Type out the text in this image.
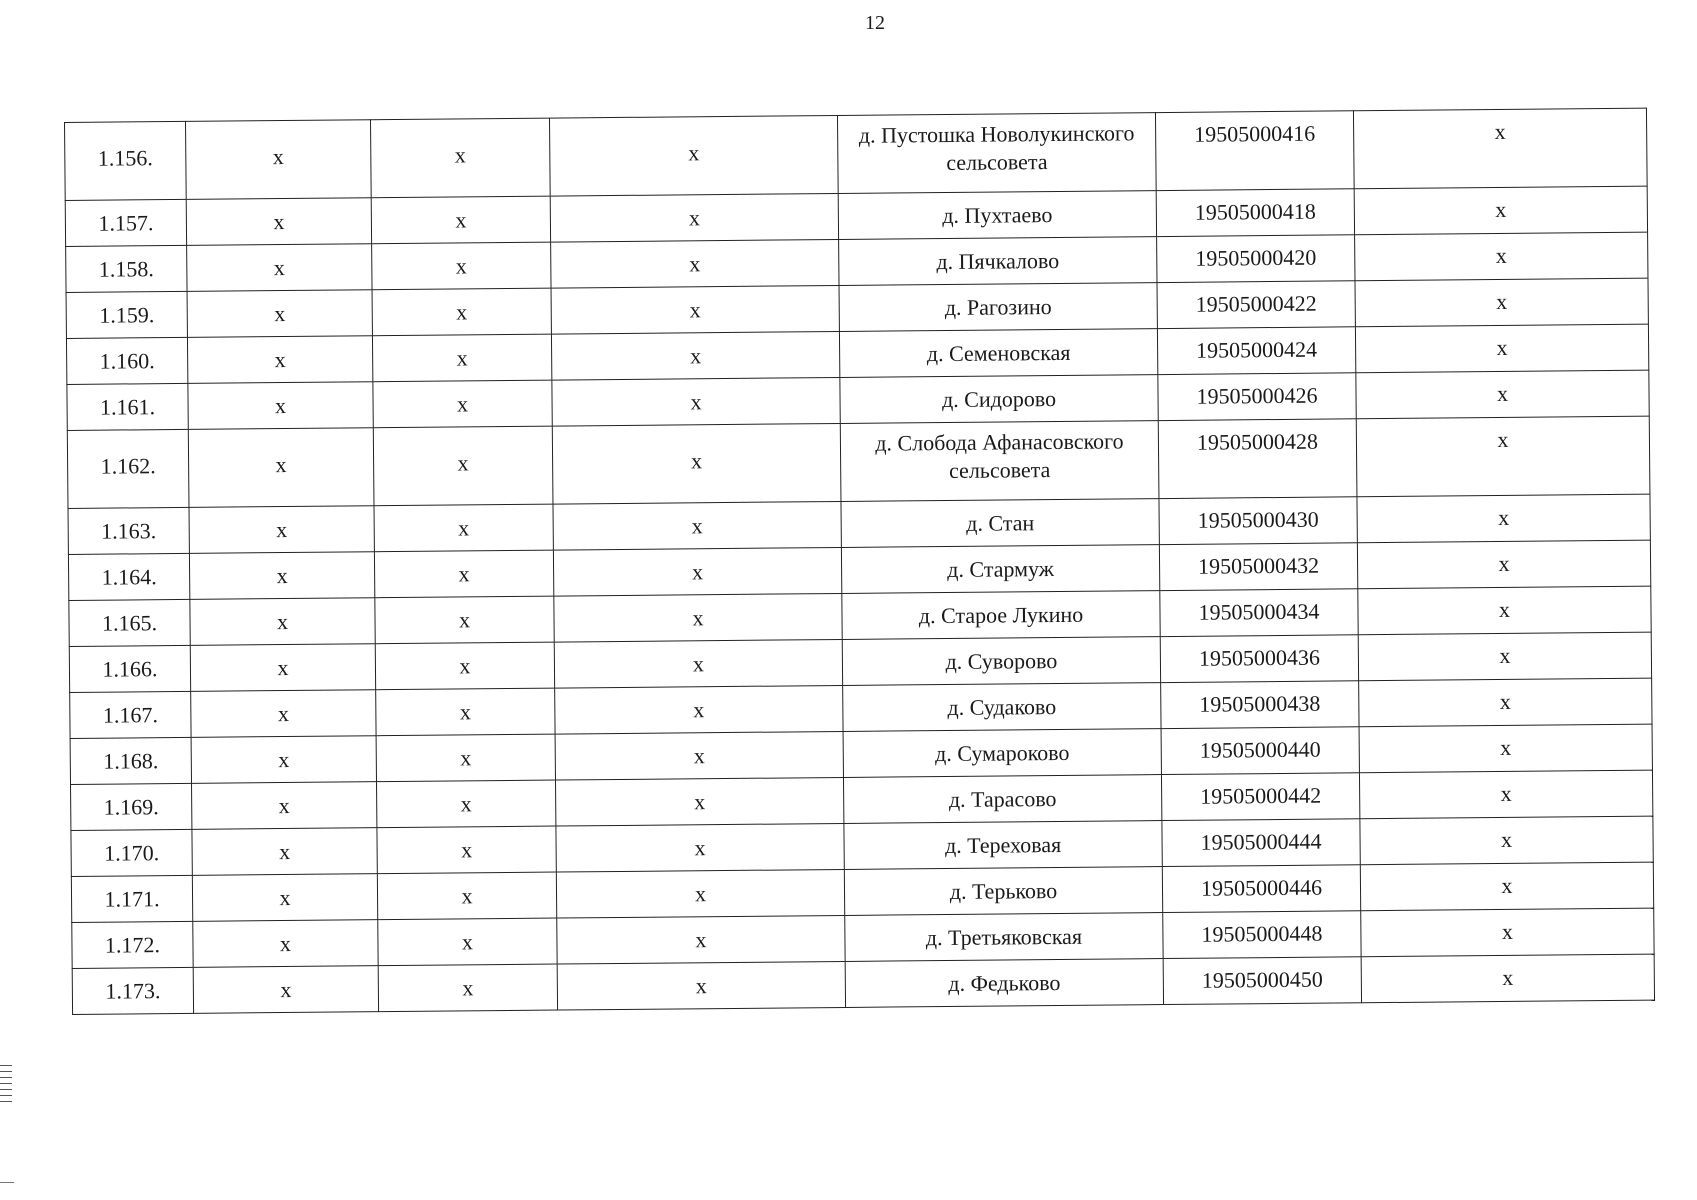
12
1.156.	x	x	x	д. Пустошка Новолукинского сельсовета	19505000416	x
1.157.	x	x	x	д. Пухтаево	19505000418	x
1.158.	x	x	x	д. Пячкалово	19505000420	x
1.159.	x	x	x	д. Рагозино	19505000422	x
1.160.	x	x	x	д. Семеновская	19505000424	x
1.161.	x	x	x	д. Сидорово	19505000426	x
1.162.	x	x	x	д. Слобода Афанасовского сельсовета	19505000428	x
1.163.	x	x	x	д. Стан	19505000430	x
1.164.	x	x	x	д. Стармуж	19505000432	x
1.165.	x	x	x	д. Старое Лукино	19505000434	x
1.166.	x	x	x	д. Суворово	19505000436	x
1.167.	x	x	x	д. Судаково	19505000438	x
1.168.	x	x	x	д. Сумароково	19505000440	x
1.169.	x	x	x	д. Тарасово	19505000442	x
1.170.	x	x	x	д. Тереховая	19505000444	x
1.171.	x	x	x	д. Терьково	19505000446	x
1.172.	x	x	x	д. Третьяковская	19505000448	x
1.173.	x	x	x	д. Федьково	19505000450	x
